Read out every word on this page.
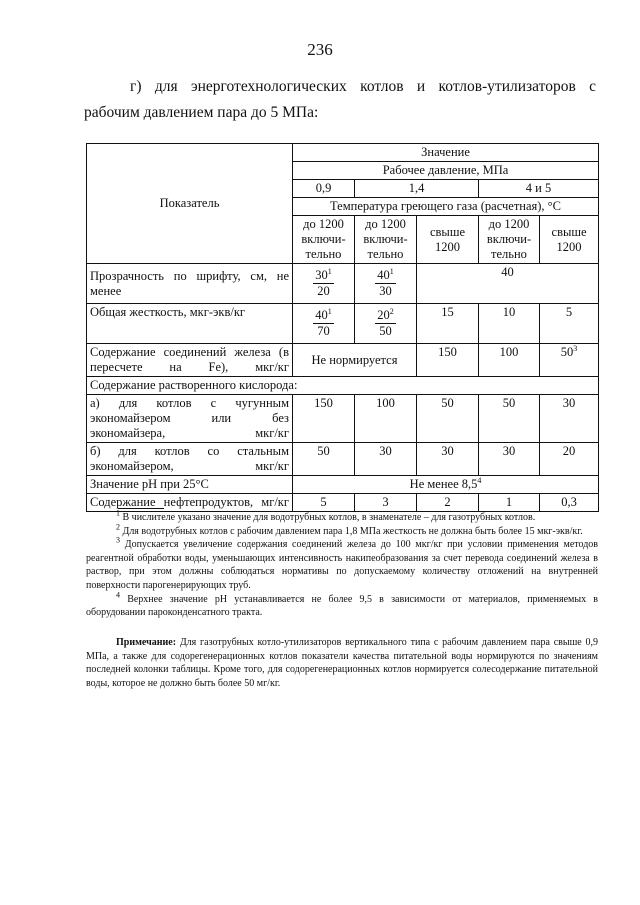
236

г) для энерготехнологических котлов и котлов-утилизаторов с рабочим давлением пара до 5 МПа:

Показатель	Значение				
	Рабочее давление, МПа				
	0,9	1,4		4 и 5	
	Температура греющего газа (расчетная), °С				
	до 1200 включи-тельно	до 1200 включи-тельно	свыше 1200	до 1200 включи-тельно	свыше 1200
Прозрачность по шрифту, см, не менее	$\frac{30^1}{20}$	$\frac{40^1}{30}$	40		
Общая жесткость, мкг-экв/кг	$\frac{40^1}{70}$	$\frac{20^2}{50}$	15	10	5
Содержание соединений железа (в пересчете на Fe), мкг/кг	Не нормируется		150	100	$50^3$
Содержание растворенного кислорода:					
а) для котлов с чугунным экономайзером или без экономайзера, мкг/кг	150	100	50	50	30
б) для котлов со стальным экономайзером, мкг/кг	50	30	30	30	20
Значение pH при 25°С	Не менее $8,5^4$
Содержание нефтепродуктов, мг/кг	5	3	2	1	0,3

$^1$ В числителе указано значение для водотрубных котлов, в знаменателе – для газотрубных котлов.

$^2$ Для водотрубных котлов с рабочим давлением пара 1,8 МПа жесткость не должна быть более 15 мкг-экв/кг.

$^3$ Допускается увеличение содержания соединений железа до 100 мкг/кг при условии применения методов реагентной обработки воды, уменьшающих интенсивность накипеобразования за счет перевода соединений железа в раствор, при этом должны соблюдаться нормативы по допускаемому количеству отложений на внутренней поверхности парогенерирующих труб.

$^4$ Верхнее значение pH устанавливается не более 9,5 в зависимости от материалов, применяемых в оборудовании пароконденсатного тракта.

Примечание: Для газотрубных котло-утилизаторов вертикального типа с рабочим давлением пара свыше 0,9 МПа, а также для содорегенерационных котлов показатели качества питательной воды нормируются по значениям последней колонки таблицы. Кроме того, для содорегенерационных котлов нормируется солесодержание питательной воды, которое не должно быть более 50 мг/кг.
